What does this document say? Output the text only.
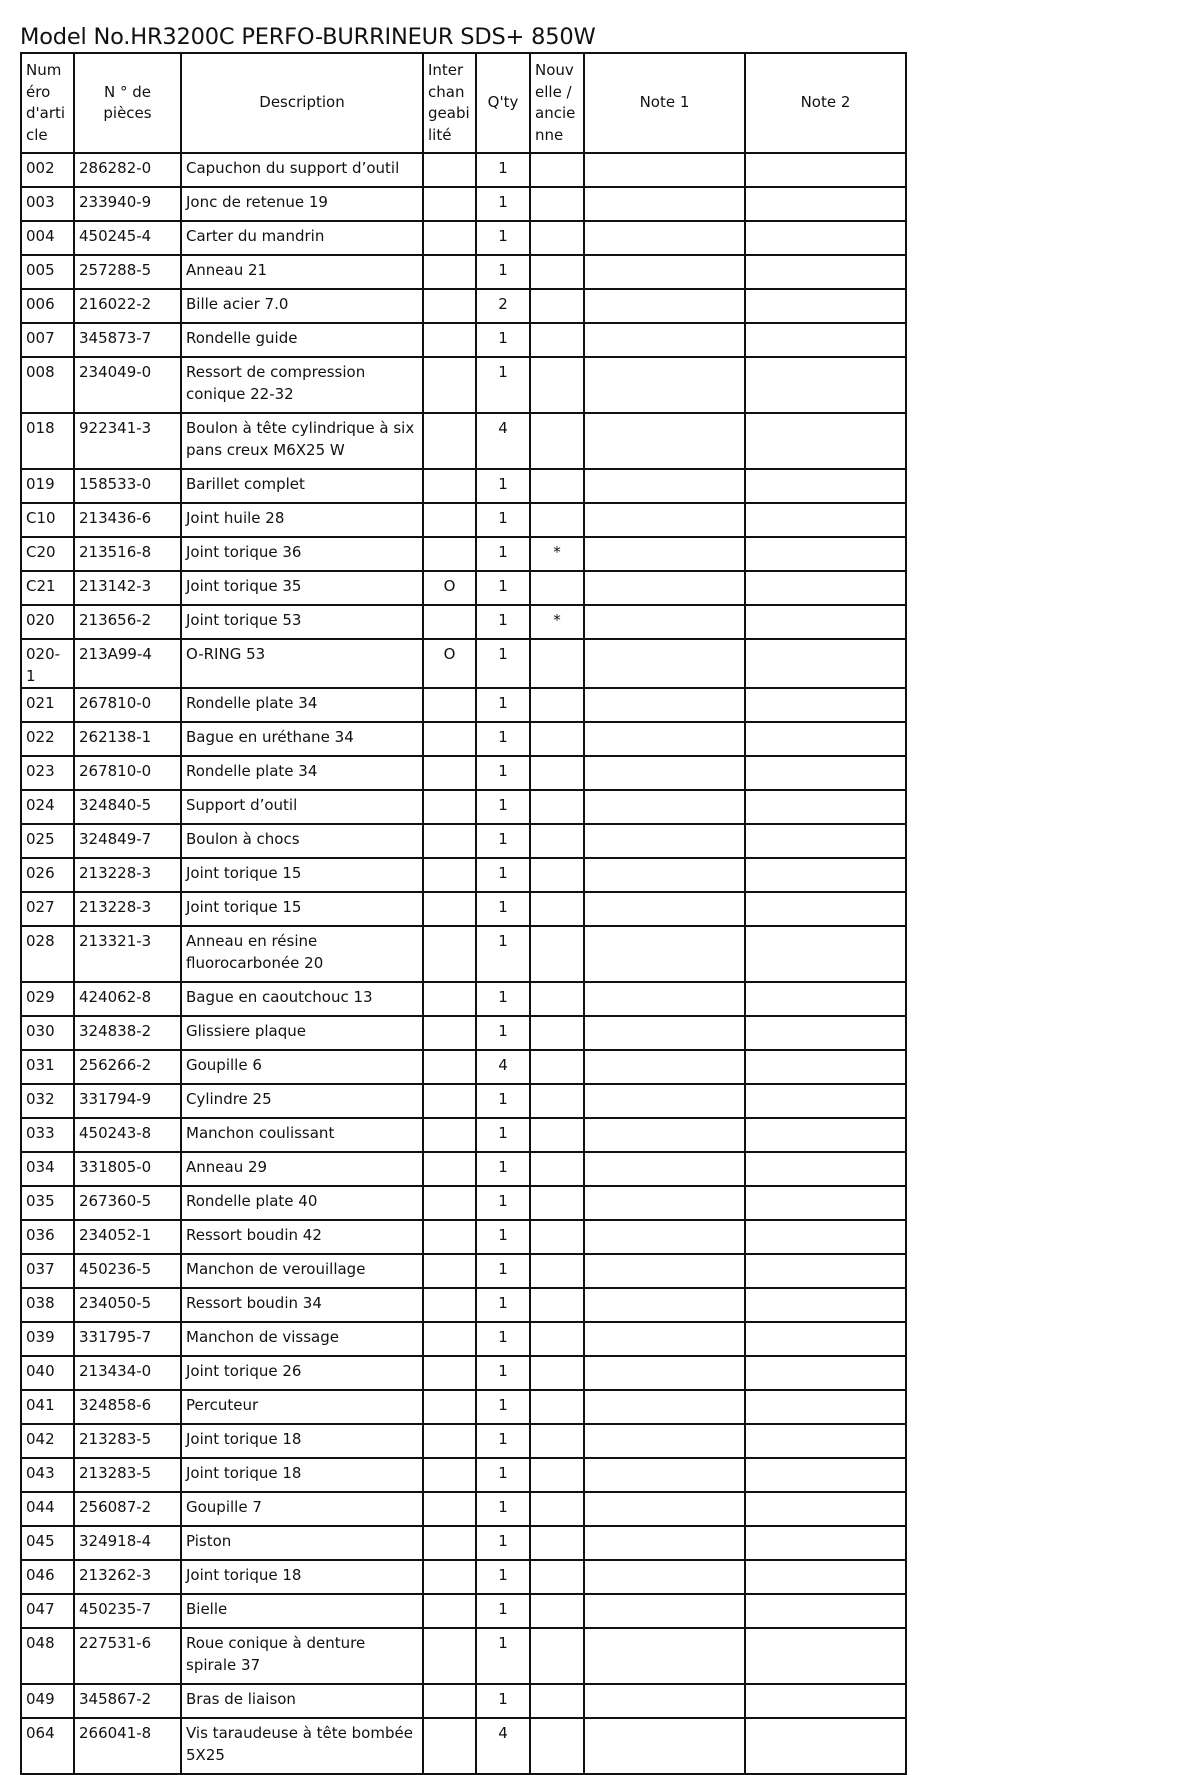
Model No.HR3200C PERFO-BURRINEUR SDS+ 850W
Numéro d'article	N ° de pièces	Description	Interchangeabilité	Q'ty	Nouvelle / ancienne	Note 1	Note 2
002	286282-0	Capuchon du support d’outil		1			
003	233940-9	Jonc de retenue 19		1			
004	450245-4	Carter du mandrin		1			
005	257288-5	Anneau 21		1			
006	216022-2	Bille acier 7.0		2			
007	345873-7	Rondelle guide		1			
008	234049-0	Ressort de compression conique 22-32		1			
018	922341-3	Boulon à tête cylindrique à six pans creux M6X25 W		4			
019	158533-0	Barillet complet		1			
C10	213436-6	Joint huile 28		1			
C20	213516-8	Joint torique 36		1	*		
C21	213142-3	Joint torique 35	O	1			
020	213656-2	Joint torique 53		1	*		
020-1	213A99-4	O-RING 53	O	1			
021	267810-0	Rondelle plate 34		1			
022	262138-1	Bague en uréthane 34		1			
023	267810-0	Rondelle plate 34		1			
024	324840-5	Support d’outil		1			
025	324849-7	Boulon à chocs		1			
026	213228-3	Joint torique 15		1			
027	213228-3	Joint torique 15		1			
028	213321-3	Anneau en résine fluorocarbonée 20		1			
029	424062-8	Bague en caoutchouc 13		1			
030	324838-2	Glissiere plaque		1			
031	256266-2	Goupille 6		4			
032	331794-9	Cylindre 25		1			
033	450243-8	Manchon coulissant		1			
034	331805-0	Anneau 29		1			
035	267360-5	Rondelle plate 40		1			
036	234052-1	Ressort boudin 42		1			
037	450236-5	Manchon de verouillage		1			
038	234050-5	Ressort boudin 34		1			
039	331795-7	Manchon de vissage		1			
040	213434-0	Joint torique 26		1			
041	324858-6	Percuteur		1			
042	213283-5	Joint torique 18		1			
043	213283-5	Joint torique 18		1			
044	256087-2	Goupille 7		1			
045	324918-4	Piston		1			
046	213262-3	Joint torique 18		1			
047	450235-7	Bielle		1			
048	227531-6	Roue conique à denture spirale 37		1			
049	345867-2	Bras de liaison		1			
064	266041-8	Vis taraudeuse à tête bombée 5X25		4			
